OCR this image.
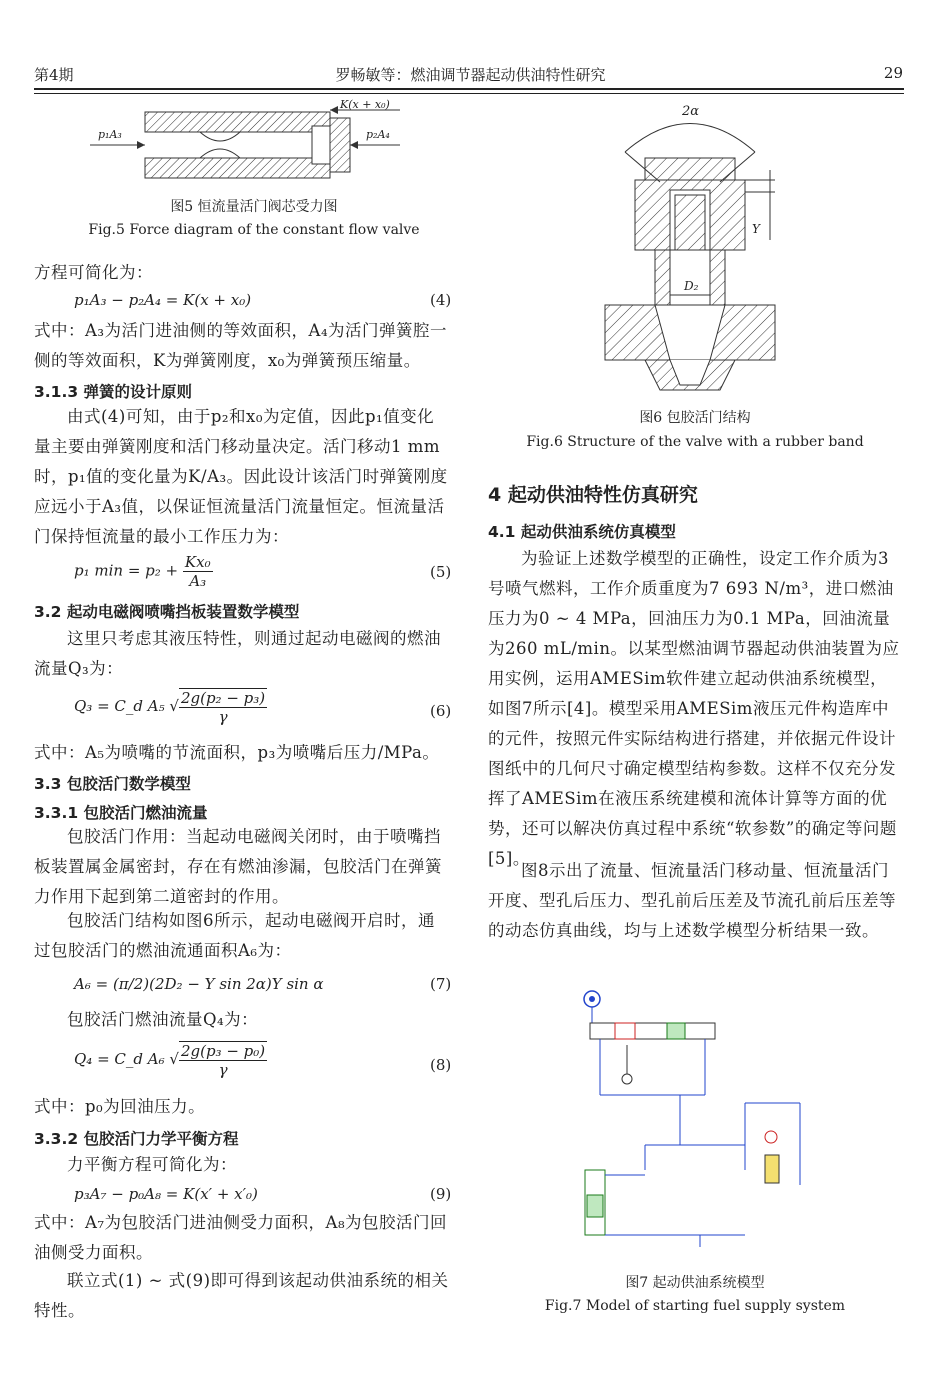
第4期	罗畅敏等：燃油调节器起动供油特性研究	29
K(x + x₀)
p₁A₃	p₂A₄
图5 恒流量活门阀芯受力图
Fig.5 Force diagram of the constant flow valve
方程可简化为：
p₁A₃ − p₂A₄ = K(x + x₀)	(4)
式中：A₃为活门进油侧的等效面积，A₄为活门弹簧腔一侧的等效面积，K为弹簧刚度，x₀为弹簧预压缩量。
3.1.3 弹簧的设计原则
由式(4)可知，由于p₂和x₀为定值，因此p₁值变化量主要由弹簧刚度和活门移动量决定。活门移动1 mm时，p₁值的变化量为K/A₃。因此设计该活门时弹簧刚度应远小于A₃值，以保证恒流量活门流量恒定。恒流量活门保持恒流量的最小工作压力为：
p₁ $\min = p_2 + \frac{\text{Kx₀}}{\text{A₃}}$	(5)
3.2 起动电磁阀喷嘴挡板装置数学模型
这里只考虑其液压特性，则通过起动电磁阀的燃油流量Q₃为：
Q₃ = C_d A₅ √ $\frac{\text{2g(p₂ − p₃)}}{\gamma}$	(6)
式中：A₅为喷嘴的节流面积，p₃为喷嘴后压力/MPa。
3.3 包胶活门数学模型
3.3.1 包胶活门燃油流量
包胶活门作用：当起动电磁阀关闭时，由于喷嘴挡板装置属金属密封，存在有燃油渗漏，包胶活门在弹簧力作用下起到第二道密封的作用。
包胶活门结构如图6所示，起动电磁阀开启时，通过包胶活门的燃油流通面积A₆为：
A₆ = (π/2)(2D₂ − Y sin 2α)Y sin α	(7)
包胶活门燃油流量Q₄为：
Q₄ = C_d A₆ √ $\frac{\text{2g(p₃ − p₀)}}{\gamma}$	(8)
式中：p₀为回油压力。
3.3.2 包胶活门力学平衡方程
力平衡方程可简化为：
p₃A₇ − p₀A₈ = K(x′ + x′₀)	(9)
式中：A₇为包胶活门进油侧受力面积，A₈为包胶活门回油侧受力面积。
联立式(1) ~ 式(9)即可得到该起动供油系统的相关特性。
2α
Y
D₂
图6 包胶活门结构
Fig.6 Structure of the valve with a rubber band
4 起动供油特性仿真研究
4.1 起动供油系统仿真模型
为验证上述数学模型的正确性，设定工作介质为3号喷气燃料，工作介质重度为7 693 N/m³，进口燃油压力为0 ~ 4 MPa，回油压力为0.1 MPa，回油流量为260 mL/min。以某型燃油调节器起动供油装置为应用实例，运用AMESim软件建立起动供油系统模型，如图7所示[4]。模型采用AMESim液压元件构造库中的元件，按照元件实际结构进行搭建，并依据元件设计图纸中的几何尺寸确定模型结构参数。这样不仅充分发挥了AMESim在液压系统建模和流体计算等方面的优势，还可以解决仿真过程中系统“软参数”的确定等问题[5]。
图8示出了流量、恒流量活门移动量、恒流量活门开度、型孔后压力、型孔前后压差及节流孔前后压差等的动态仿真曲线，均与上述数学模型分析结果一致。
图7 起动供油系统模型
Fig.7 Model of starting fuel supply system
